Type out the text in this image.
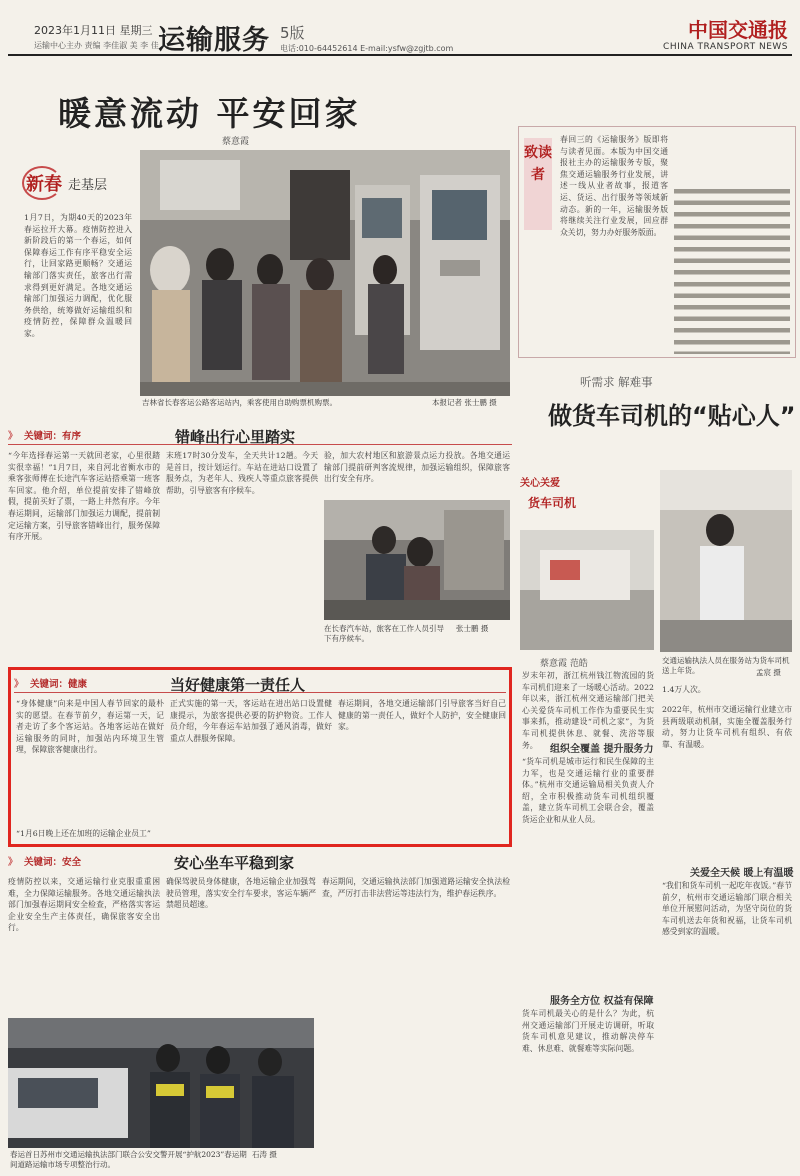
2023年1月11日 星期三
运输中心主办 责编 李佳淑 美 李 佳 运输服务 5版
电话:010-64452614 E-mail:ysfw@zgjtb.com
中国交通报
CHINA TRANSPORT NEWS
暖意流动 平安回家
蔡意霞
新春 走基层
1月7日，为期40天的2023年春运拉开大幕。疫情防控进入新阶段后的第一个春运，如何保障春运工作有序平稳安全运行，让回家路更顺畅？交通运输部门落实责任，旅客出行需求得到更好满足。各地交通运输部门加强运力调配，优化服务供给，统筹做好运输组织和疫情防控，保障群众温暖回家。
吉林省长春客运公路客运站内，乘客使用自助购票机购票。	本报记者 张士鹏 摄
致读者
春回三的《运输服务》版即将与读者见面。本版为中国交通报社主办的运输服务专版，聚焦交通运输服务行业发展，讲述一线从业者故事，报道客运、货运、出行服务等领域新动态。新的一年，运输服务版将继续关注行业发展，回应群众关切，努力办好服务版面。
》 关键词：有序	错峰出行心里踏实
“今年选择春运第一天就回老家，心里很踏实很幸福！”1月7日，来自河北省衡水市的乘客张师傅在长途汽车客运站搭乘第一班客车回家。他介绍，单位提前安排了错峰放假，提前买好了票，一路上井然有序。今年春运期间，运输部门加强运力调配，提前制定运输方案，引导旅客错峰出行，服务保障有序开展。
末班17时30分发车，全天共计12趟。今天是首日，按计划运行。车站在进站口设置了服务点，为老年人、残疾人等重点旅客提供帮助，引导旅客有序候车。
验，加大农村地区和旅游景点运力投放。各地交通运输部门提前研判客流规律，加强运输组织，保障旅客出行安全有序。
在长春汽车站，旅客在工作人员引导下有序候车。
张士鹏 摄
》 关键词：健康	当好健康第一责任人
“身体健康”向来是中国人春节回家的最朴实的愿望。在春节前夕，春运第一天，记者走访了多个客运站。各地客运站在做好运输服务的同时，加强站内环境卫生管理，保障旅客健康出行。
“1月6日晚上还在加班的运输企业员工”
正式实施的第一天，客运站在进出站口设置健康提示，为旅客提供必要的防护物资。工作人员介绍，今年春运车站加强了通风消毒，做好重点人群服务保障。
春运期间，各地交通运输部门引导旅客当好自己健康的第一责任人，做好个人防护，安全健康回家。
》 关键词：安全	安心坐车平稳到家
疫情防控以来，交通运输行业克服重重困难，全力保障运输服务。各地交通运输执法部门加强春运期间安全检查，严格落实客运企业安全生产主体责任，确保旅客安全出行。
确保驾驶员身体健康，各地运输企业加强驾驶员管理，落实安全行车要求，客运车辆严禁超员超速。
春运期间，交通运输执法部门加强道路运输安全执法检查，严厉打击非法营运等违法行为，维护春运秩序。
春运首日苏州市交通运输执法部门联合公安交警开展“护航2023”春运期间道路运输市场专项整治行动。
石涛 摄
听需求 解难事
做货车司机的“贴心人”
关心关爱
货车司机
交通运输执法人员在服务站为货车司机送上年货。	孟宸 摄
蔡意霞 范皓
岁末年初，浙江杭州钱江物流园的货车司机们迎来了一场暖心活动。2022年以来，浙江杭州交通运输部门把关心关爱货车司机工作作为重要民生实事来抓，推动建设“司机之家”，为货车司机提供休息、就餐、洗浴等服务。
1.4万人次。
组织全覆盖 提升服务力
“货车司机是城市运行和民生保障的主力军，也是交通运输行业的重要群体。”杭州市交通运输局相关负责人介绍，全市积极推动货车司机组织覆盖，建立货车司机工会联合会，覆盖货运企业和从业人员。
2022年，杭州市交通运输行业建立市县两级联动机制，实施全覆盖服务行动，努力让货车司机有组织、有依靠、有温暖。
服务全方位 权益有保障
货车司机最关心的是什么？为此，杭州交通运输部门开展走访调研，听取货车司机意见建议，推动解决停车难、休息难、就餐难等实际问题。
关爱全天候 暖上有温暖
“我们和货车司机一起吃年夜饭。”春节前夕，杭州市交通运输部门联合相关单位开展慰问活动，为坚守岗位的货车司机送去年货和祝福，让货车司机感受到家的温暖。
